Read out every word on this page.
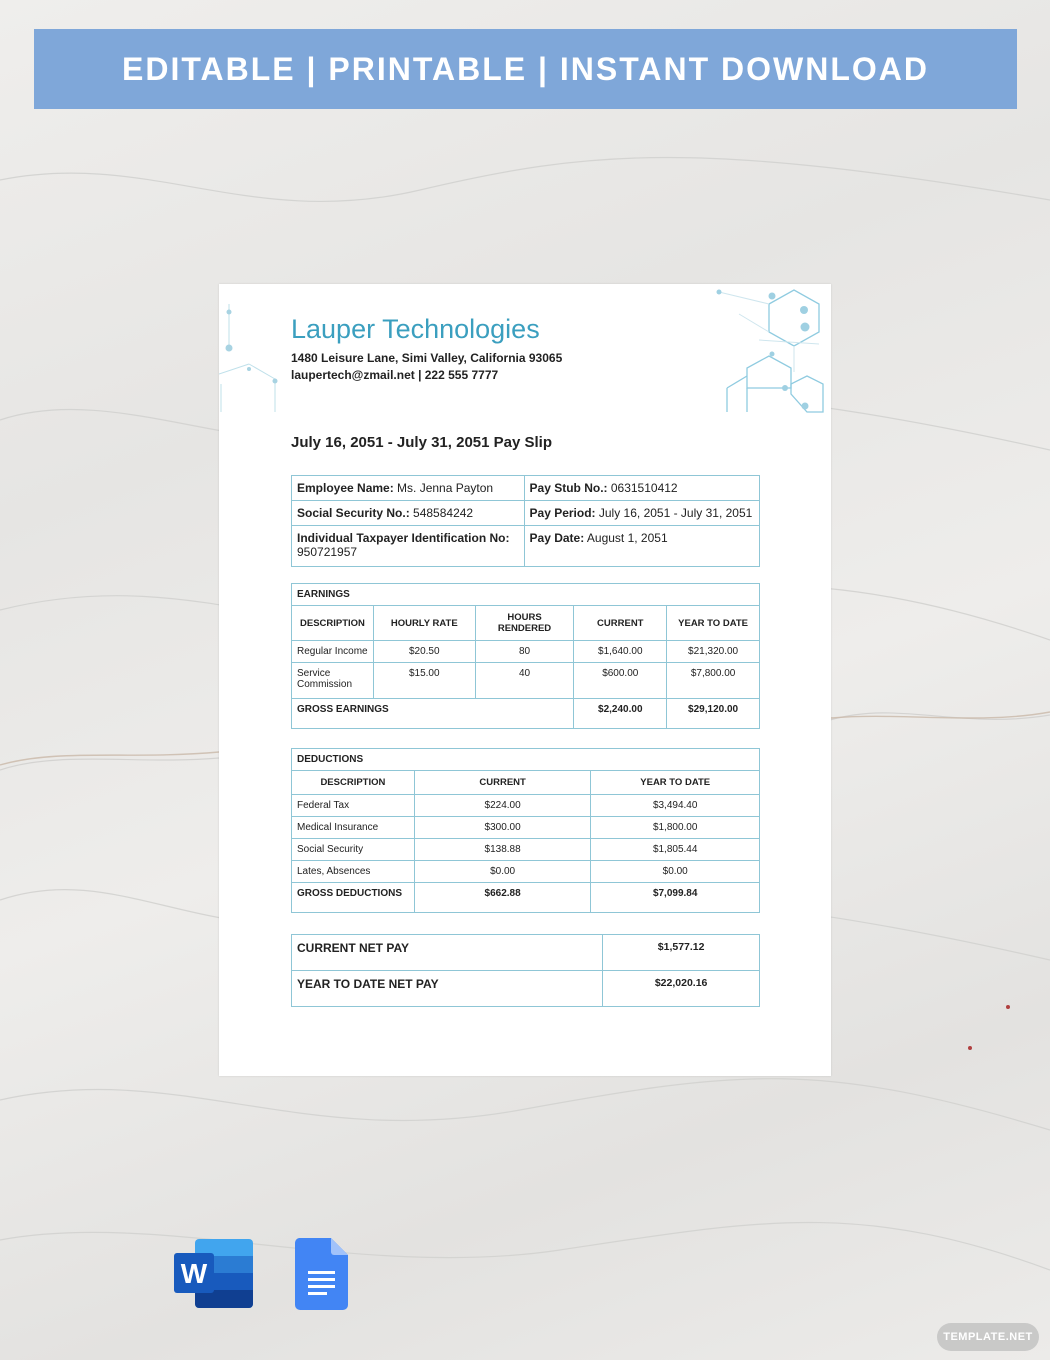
EDITABLE | PRINTABLE | INSTANT DOWNLOAD
Lauper Technologies
1480 Leisure Lane, Simi Valley, California 93065
laupertech@zmail.net | 222 555 7777
July 16, 2051 - July 31, 2051 Pay Slip
Employee Name: Ms. Jenna Payton	Pay Stub No.: 0631510412
Social Security No.: 548584242	Pay Period: July 16, 2051 - July 31, 2051
Individual Taxpayer Identification No:
950721957	Pay Date: August 1, 2051
EARNINGS				
DESCRIPTION	HOURLY RATE	HOURS RENDERED	CURRENT	YEAR TO DATE
Regular Income	$20.50	80	$1,640.00	$21,320.00
Service Commission	$15.00	40	$600.00	$7,800.00
GROSS EARNINGS			$2,240.00	$29,120.00
DEDUCTIONS		
DESCRIPTION	CURRENT	YEAR TO DATE
Federal Tax	$224.00	$3,494.40
Medical Insurance	$300.00	$1,800.00
Social Security	$138.88	$1,805.44
Lates, Absences	$0.00	$0.00
GROSS DEDUCTIONS	$662.88	$7,099.84
CURRENT NET PAY	$1,577.12
YEAR TO DATE NET PAY	$22,020.16
W
TEMPLATE.NET
